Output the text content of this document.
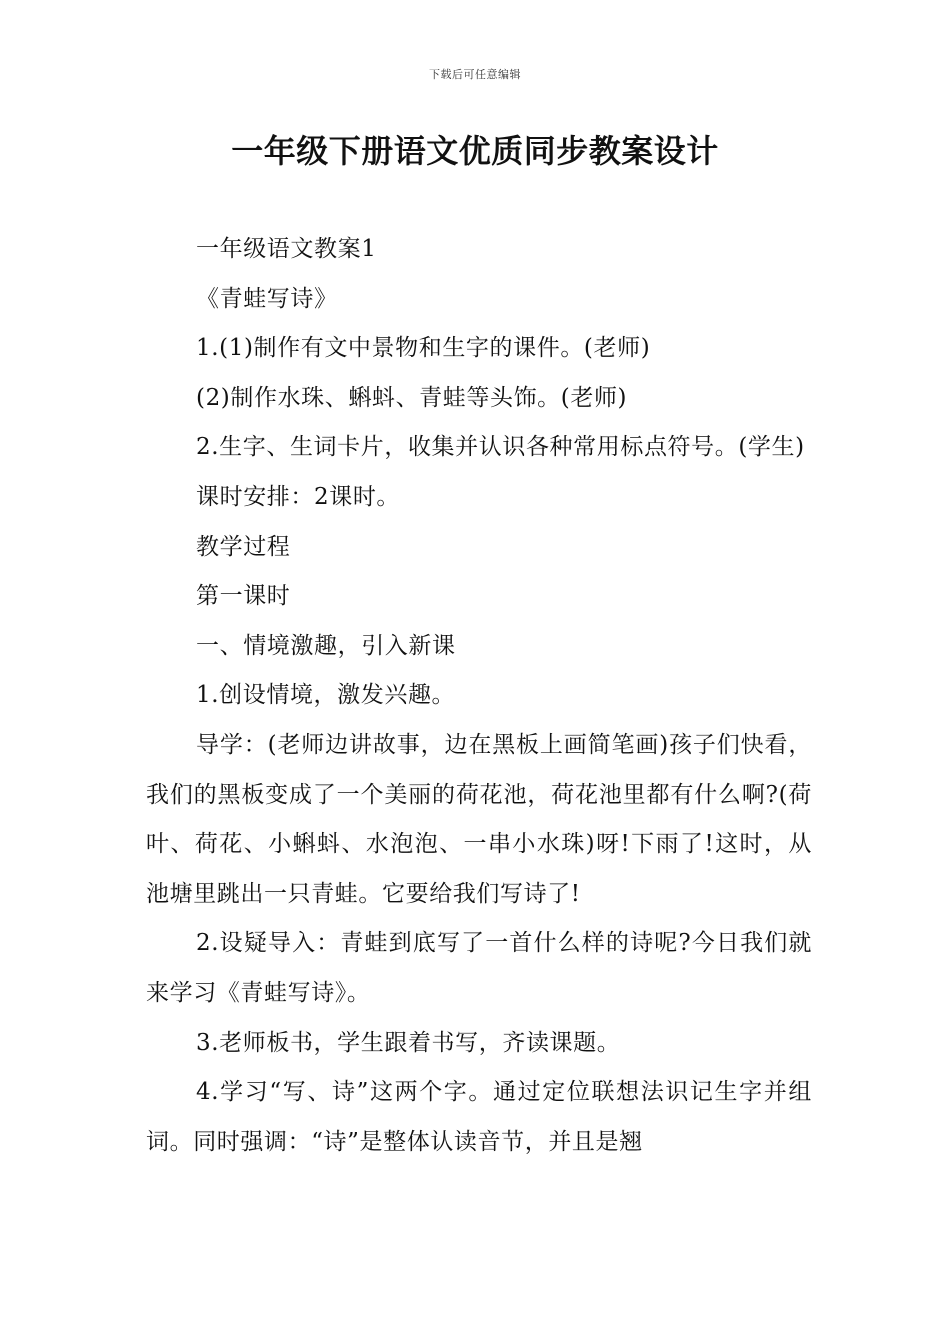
下载后可任意编辑
一年级下册语文优质同步教案设计

一年级语文教案1

《青蛙写诗》

1.(1)制作有文中景物和生字的课件。(老师)

(2)制作水珠、蝌蚪、青蛙等头饰。(老师)

2.生字、生词卡片，收集并认识各种常用标点符号。(学生)

课时安排：2课时。

教学过程

第一课时

一、情境激趣，引入新课

1.创设情境，激发兴趣。

导学：(老师边讲故事，边在黑板上画简笔画)孩子们快看，我们的黑板变成了一个美丽的荷花池，荷花池里都有什么啊?(荷叶、荷花、小蝌蚪、水泡泡、一串小水珠)呀!下雨了!这时，从池塘里跳出一只青蛙。它要给我们写诗了!

2.设疑导入：青蛙到底写了一首什么样的诗呢?今日我们就来学习《青蛙写诗》。

3.老师板书，学生跟着书写，齐读课题。

4.学习“写、诗”这两个字。通过定位联想法识记生字并组词。同时强调：“诗”是整体认读音节，并且是翘
